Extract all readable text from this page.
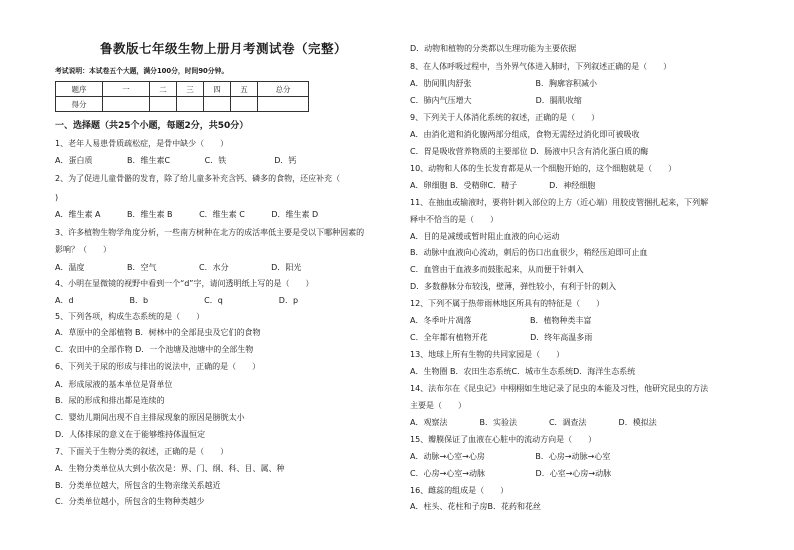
鲁教版七年级生物上册月考测试卷（完整）
考试说明：本试卷五个大题，满分100分，时间90分钟。
题序	一	二	三	四	五	总分
得分						
一、选择题（共25个小题，每题2分，共50分）
1、老年人易患骨质疏松症，是骨中缺少（　　）
A．蛋白质　　　　 B．维生素C　　　　 C．铁　　　　　　D．钙
2、为了促进儿童骨骼的发育，除了给儿童多补充含钙、磷多的食物，还应补充（
)
A．维生素 A　　　 B．维生素 B　　　 C．维生素 C　　　 D．维生素 D
3、许多植物生物学角度分析，一些南方树种在北方的成活率低主要是受以下哪种因素的
影响？（　　）
A．温度　　　　　 B．空气　　　　　 C．水分　　　　　 D．阳光
4、小明在显微镜的视野中看到一个“d”字，请问透明纸上写的是（　　）
A．d　　　　　　　B．b　　　　　　　C．q　　　　　　　D．p
5、下列各项，构成生态系统的是（　　）
A．草原中的全部植物 B．树林中的全部昆虫及它们的食物
C．农田中的全部作物 D．一个池塘及池塘中的全部生物
6、下列关于尿的形成与排出的说法中，正确的是（　　）
A．形成尿液的基本单位是肾单位
B．尿的形成和排出都是连续的
C．婴幼儿期间出现不自主排尿现象的原因是膀胱太小
D．人体排尿的意义在于能够维持体温恒定
7、下面关于生物分类的叙述，正确的是（　　）
A．生物分类单位从大到小依次是：界、门、纲、科、目、属、种
B．分类单位越大，所包含的生物亲缘关系越近
C．分类单位越小，所包含的生物种类越少
D．动物和植物的分类都以生理功能为主要依据
8、在人体呼吸过程中，当外界气体进入肺时，下列叙述正确的是（　　）
A．肋间肌肉舒张　　　　　　　　B．胸廓容积减小
C．肺内气压增大　　　　　　　　D．膈肌收缩
9、下列关于人体消化系统的叙述，正确的是（　　）
A．由消化道和消化腺两部分组成，食物无需经过消化即可被吸收
C．胃是吸收营养物质的主要部位 D．肠液中只含有消化蛋白质的酶
10、动物和人体的生长发育都是从一个细胞开始的，这个细胞就是（　　）
A．卵细胞 B．受精卵C．精子　　　　D．神经细胞
11、在抽血或输液时，要将针刺入部位的上方（近心端）用胶皮管捆扎起来，下列解
释中不恰当的是（　　）
A．目的是减缓或暂时阻止血液的向心运动
B．动脉中血液向心流动，刺后的伤口出血很少，稍经压迫即可止血
C．血管由于血液多而鼓胀起来，从而便于针刺入
D．多数静脉分布较浅，壁薄，弹性较小，有利于针的刺入
12、下列不属于热带雨林地区所具有的特征是（　　）
A．冬季叶片凋落　　　　　　　 B．植物种类丰富
C．全年都有植物开花　　　　　 D．终年高温多雨
13、地球上所有生物的共同家园是（　　）
A．生物圈 B．农田生态系统C．城市生态系统D．海洋生态系统
14、法布尔在《昆虫记》中栩栩如生地记录了昆虫的本能及习性，他研究昆虫的方法
主要是（　　）
A．观察法　　　　B．实验法　　　　C．调查法　　　　D．模拟法
15、瓣膜保证了血液在心脏中的流动方向是（　　）
A．动脉→心室→心房　　　　　　 B．心房→动脉→心室
C．心房→心室→动脉　　　　　　 D．心室→心房→动脉
16、雌蕊的组成是（　　）
A．柱头、花柱和子房B．花药和花丝
